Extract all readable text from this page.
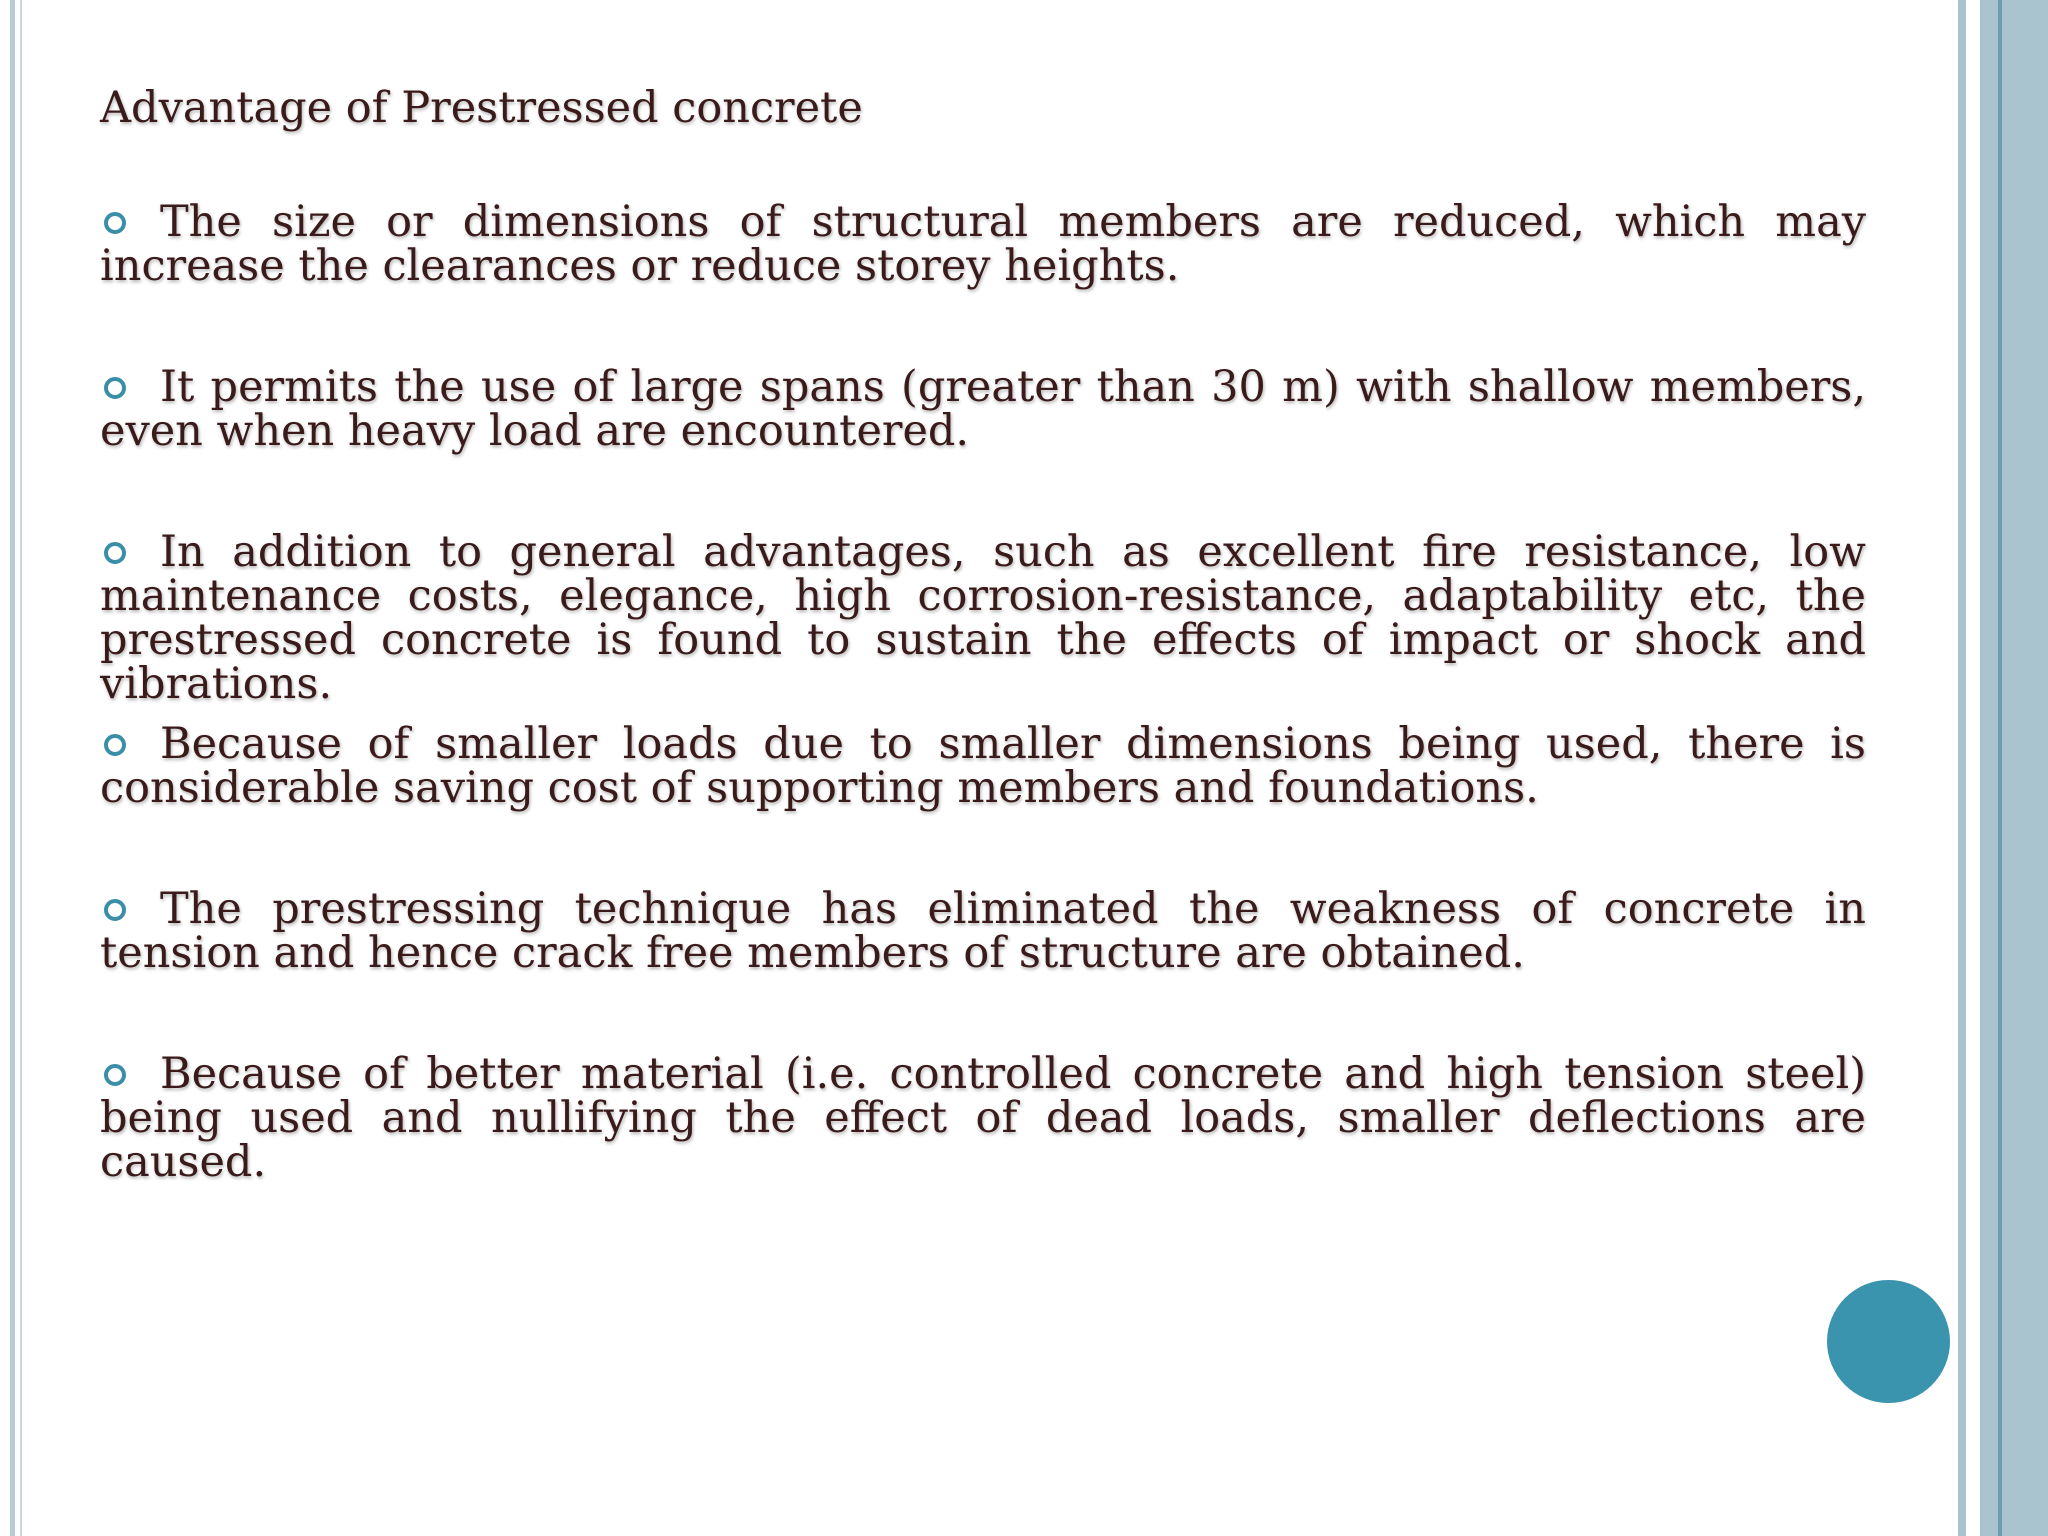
Advantage of Prestressed concrete

The size or dimensions of structural members are reduced, which may increase the clearances or reduce storey heights.

It permits the use of large spans (greater than 30 m) with shallow members, even when heavy load are encountered.

In addition to general advantages, such as excellent fire resistance, low maintenance costs, elegance, high corrosion-resistance, adaptability etc, the prestressed concrete is found to sustain the effects of impact or shock and vibrations.

Because of smaller loads due to smaller dimensions being used, there is considerable saving cost of supporting members and foundations.

The prestressing technique has eliminated the weakness of concrete in tension and hence crack free members of structure are obtained.

Because of better material (i.e. controlled concrete and high tension steel) being used and nullifying the effect of dead loads, smaller deflections are caused.
